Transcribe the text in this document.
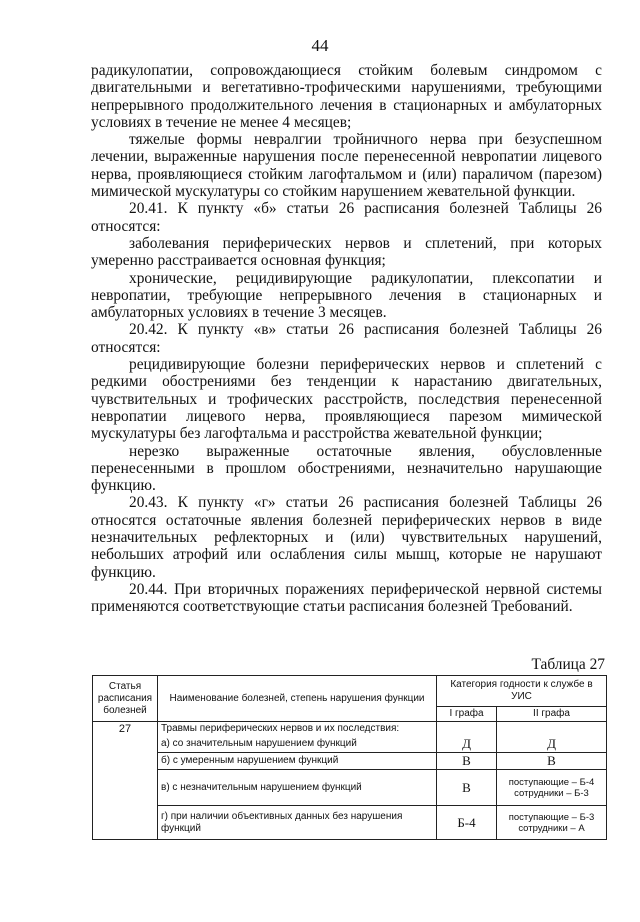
44

радикулопатии, сопровождающиеся стойким болевым синдромом с двигательными и вегетативно-трофическими нарушениями, требующими непрерывного продолжительного лечения в стационарных и амбулаторных условиях в течение не менее 4 месяцев;

тяжелые формы невралгии тройничного нерва при безуспешном лечении, выраженные нарушения после перенесенной невропатии лицевого нерва, проявляющиеся стойким лагофтальмом и (или) параличом (парезом) мимической мускулатуры со стойким нарушением жевательной функции.

20.41. К пункту «б» статьи 26 расписания болезней Таблицы 26 относятся:

заболевания периферических нервов и сплетений, при которых умеренно расстраивается основная функция;

хронические, рецидивирующие радикулопатии, плексопатии и невропатии, требующие непрерывного лечения в стационарных и амбулаторных условиях в течение 3 месяцев.

20.42. К пункту «в» статьи 26 расписания болезней Таблицы 26 относятся:

рецидивирующие болезни периферических нервов и сплетений с редкими обострениями без тенденции к нарастанию двигательных, чувствительных и трофических расстройств, последствия перенесенной невропатии лицевого нерва, проявляющиеся парезом мимической мускулатуры без лагофтальма и расстройства жевательной функции;

нерезко выраженные остаточные явления, обусловленные перенесенными в прошлом обострениями, незначительно нарушающие функцию.

20.43. К пункту «г» статьи 26 расписания болезней Таблицы 26 относятся остаточные явления болезней периферических нервов в виде незначительных рефлекторных и (или) чувствительных нарушений, небольших атрофий или ослабления силы мышц, которые не нарушают функцию.

20.44. При вторичных поражениях периферической нервной системы применяются соответствующие статьи расписания болезней Требований.

Таблица 27
Статья расписания болезней	Наименование болезней, степень нарушения функции	Категория годности к службе в УИС	
		I графа	II графа
27	Травмы периферических нервов и их последствия:		
	а) со значительным нарушением функций	Д	Д
	б) с умеренным нарушением функций	В	В
	в) с незначительным нарушением функций	В	поступающие – Б-4 сотрудники – Б-3
	г) при наличии объективных данных без нарушения функций	Б-4	поступающие – Б-3 сотрудники – А
